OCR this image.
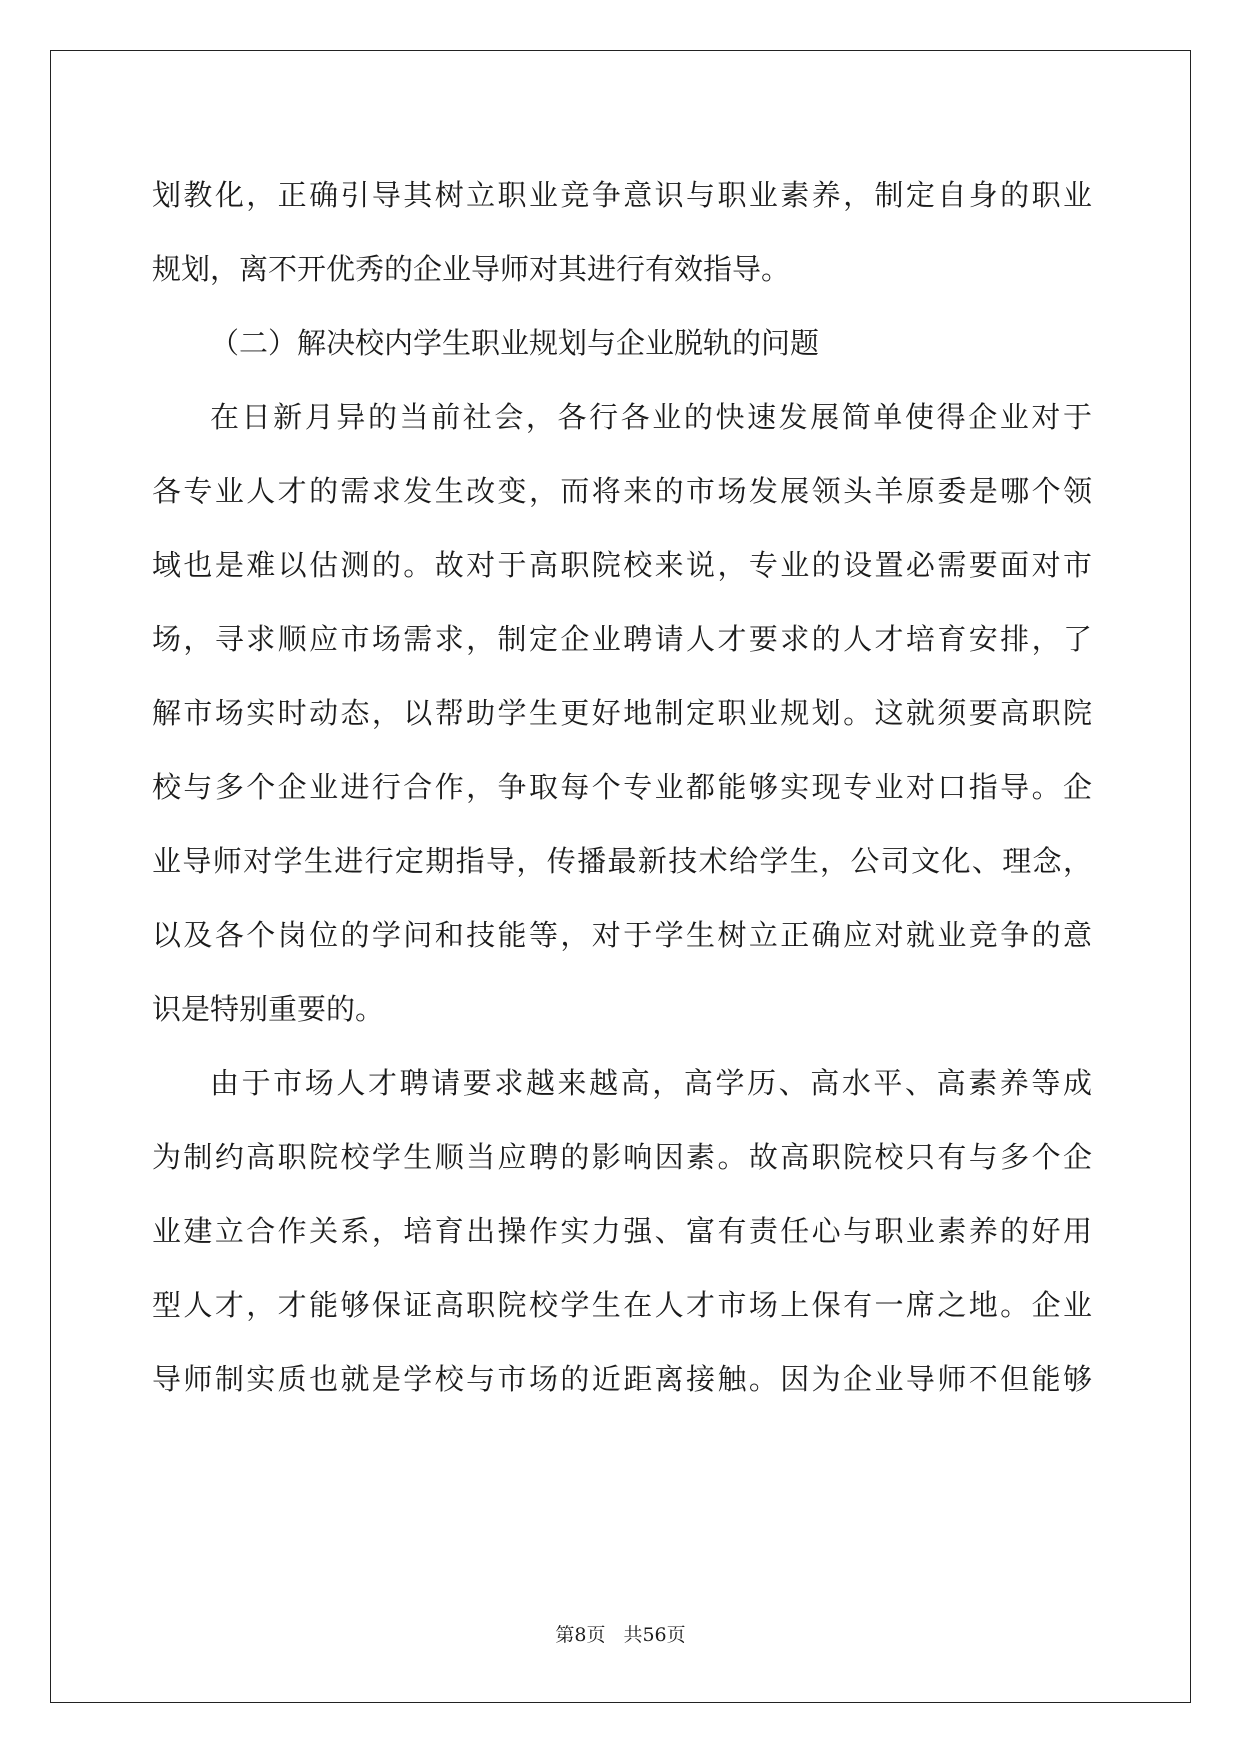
划教化，正确引导其树立职业竞争意识与职业素养，制定自身的职业
规划，离不开优秀的企业导师对其进行有效指导。
（二）解决校内学生职业规划与企业脱轨的问题
在日新月异的当前社会，各行各业的快速发展简单使得企业对于
各专业人才的需求发生改变，而将来的市场发展领头羊原委是哪个领
域也是难以估测的。故对于高职院校来说，专业的设置必需要面对市
场，寻求顺应市场需求，制定企业聘请人才要求的人才培育安排，了
解市场实时动态，以帮助学生更好地制定职业规划。这就须要高职院
校与多个企业进行合作，争取每个专业都能够实现专业对口指导。企
业导师对学生进行定期指导，传播最新技术给学生，公司文化、理念，
以及各个岗位的学问和技能等，对于学生树立正确应对就业竞争的意
识是特别重要的。
由于市场人才聘请要求越来越高，高学历、高水平、高素养等成
为制约高职院校学生顺当应聘的影响因素。故高职院校只有与多个企
业建立合作关系，培育出操作实力强、富有责任心与职业素养的好用
型人才，才能够保证高职院校学生在人才市场上保有一席之地。企业
导师制实质也就是学校与市场的近距离接触。因为企业导师不但能够
第8页 共56页
